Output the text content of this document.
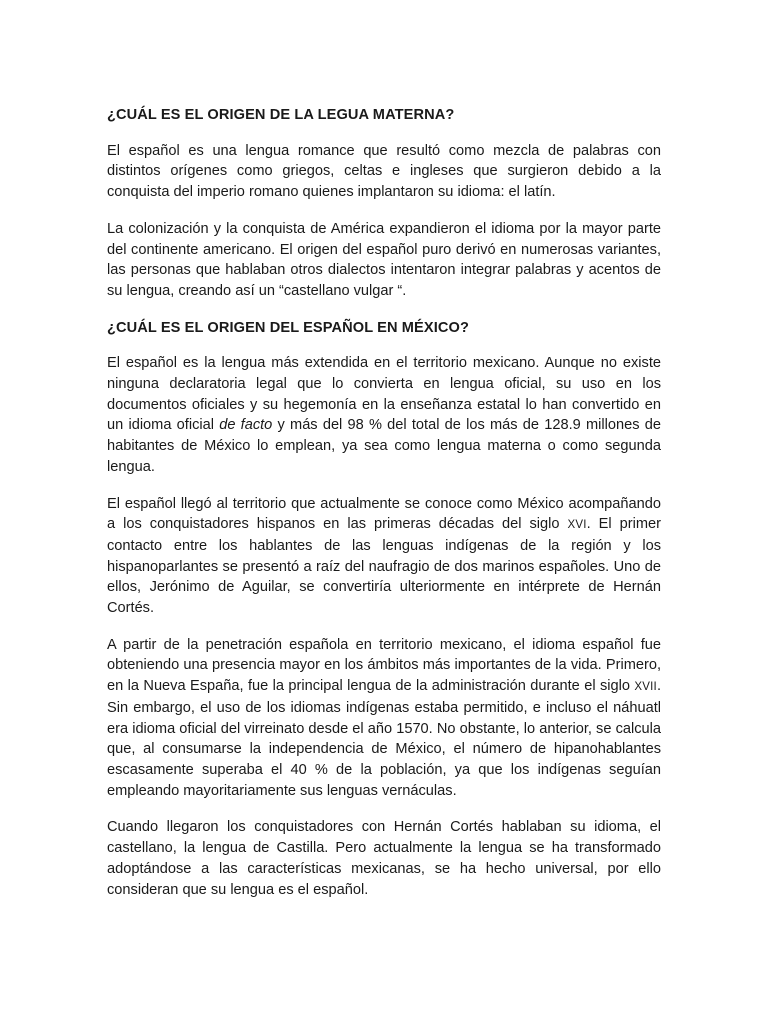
¿CUÁL ES EL ORIGEN DE LA LEGUA MATERNA?

El español es una lengua romance que resultó como mezcla de palabras con distintos orígenes como griegos, celtas e ingleses que surgieron debido a la conquista del imperio romano quienes implantaron su idioma: el latín.

La colonización y la conquista de América expandieron el idioma por la mayor parte del continente americano. El origen del español puro derivó en numerosas variantes, las personas que hablaban otros dialectos intentaron integrar palabras y acentos de su lengua, creando así un “castellano vulgar “.

¿CUÁL ES EL ORIGEN DEL ESPAÑOL EN MÉXICO?

El español es la lengua más extendida en el territorio mexicano. Aunque no existe ninguna declaratoria legal que lo convierta en lengua oficial, su uso en los documentos oficiales y su hegemonía en la enseñanza estatal lo han convertido en un idioma oficial de facto y más del 98 % del total de los más de 128.9 millones de habitantes de México lo emplean, ya sea como lengua materna o como segunda lengua.

El español llegó al territorio que actualmente se conoce como México acompañando a los conquistadores hispanos en las primeras décadas del siglo XVI. El primer contacto entre los hablantes de las lenguas indígenas de la región y los hispanoparlantes se presentó a raíz del naufragio de dos marinos españoles. Uno de ellos, Jerónimo de Aguilar, se convertiría ulteriormente en intérprete de Hernán Cortés.

A partir de la penetración española en territorio mexicano, el idioma español fue obteniendo una presencia mayor en los ámbitos más importantes de la vida. Primero, en la Nueva España, fue la principal lengua de la administración durante el siglo XVII. Sin embargo, el uso de los idiomas indígenas estaba permitido, e incluso el náhuatl era idioma oficial del virreinato desde el año 1570. No obstante, lo anterior, se calcula que, al consumarse la independencia de México, el número de hipanohablantes escasamente superaba el 40 % de la población, ya que los indígenas seguían empleando mayoritariamente sus lenguas vernáculas.

Cuando llegaron los conquistadores con Hernán Cortés hablaban su idioma, el castellano, la lengua de Castilla. Pero actualmente la lengua se ha transformado adoptándose a las características mexicanas, se ha hecho universal, por ello consideran que su lengua es el español.
